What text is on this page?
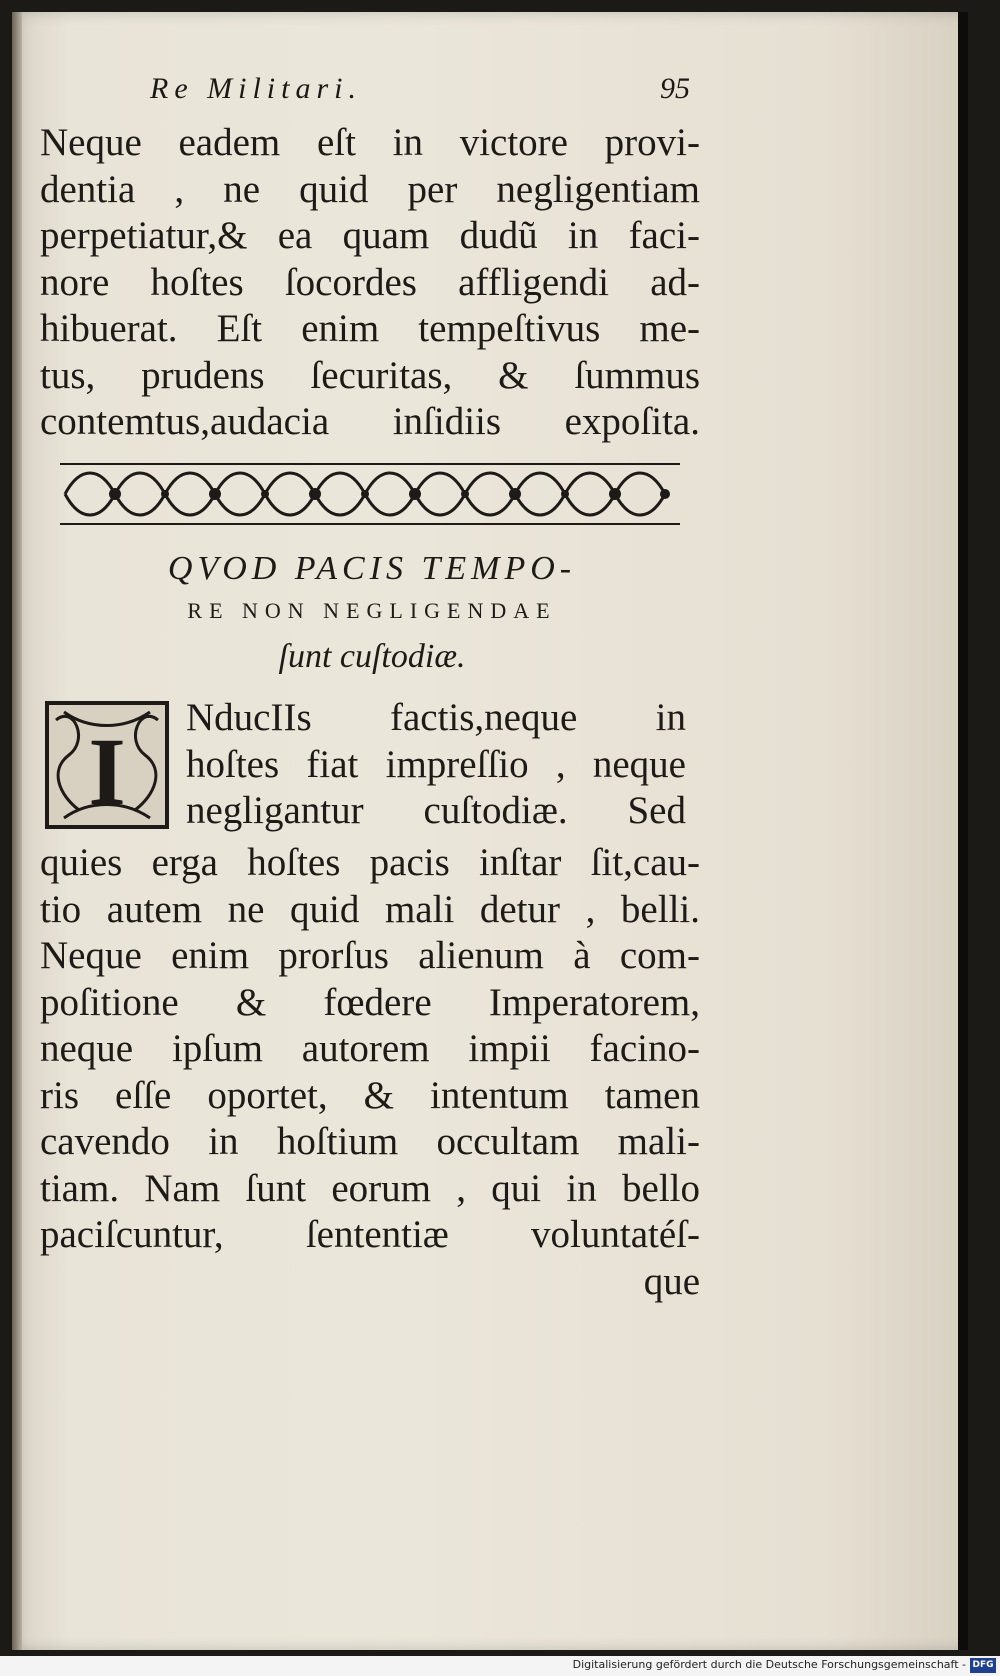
Re Militari.	95
Neque eadem eſt in victore provi-
dentia , ne quid per negligentiam
perpetiatur,& ea quam dudũ in faci-
nore hoſtes ſocordes affligendi ad-
hibuerat. Eſt enim tempeſtivus me-
tus, prudens ſecuritas, & ſummus
contemtus,audacia inſidiis expoſita.
QVOD PACIS TEMPO-
RE NON NEGLIGENDAE
ſunt cuſtodiæ.
I
NducIIs factis,neque in
hoſtes fiat impreſſio , neque
negligantur cuſtodiæ. Sed
quies erga hoſtes pacis inſtar ſit,cau-
tio autem ne quid mali detur , belli.
Neque enim prorſus alienum à com-
poſitione & fœdere Imperatorem,
neque ipſum autorem impii facino-
ris eſſe oportet, & intentum tamen
cavendo in hoſtium occultam mali-
tiam. Nam ſunt eorum , qui in bello
paciſcuntur, ſententiæ voluntatéſ-
que
Digitalisierung gefördert durch die Deutsche Forschungsgemeinschaft - DFG
